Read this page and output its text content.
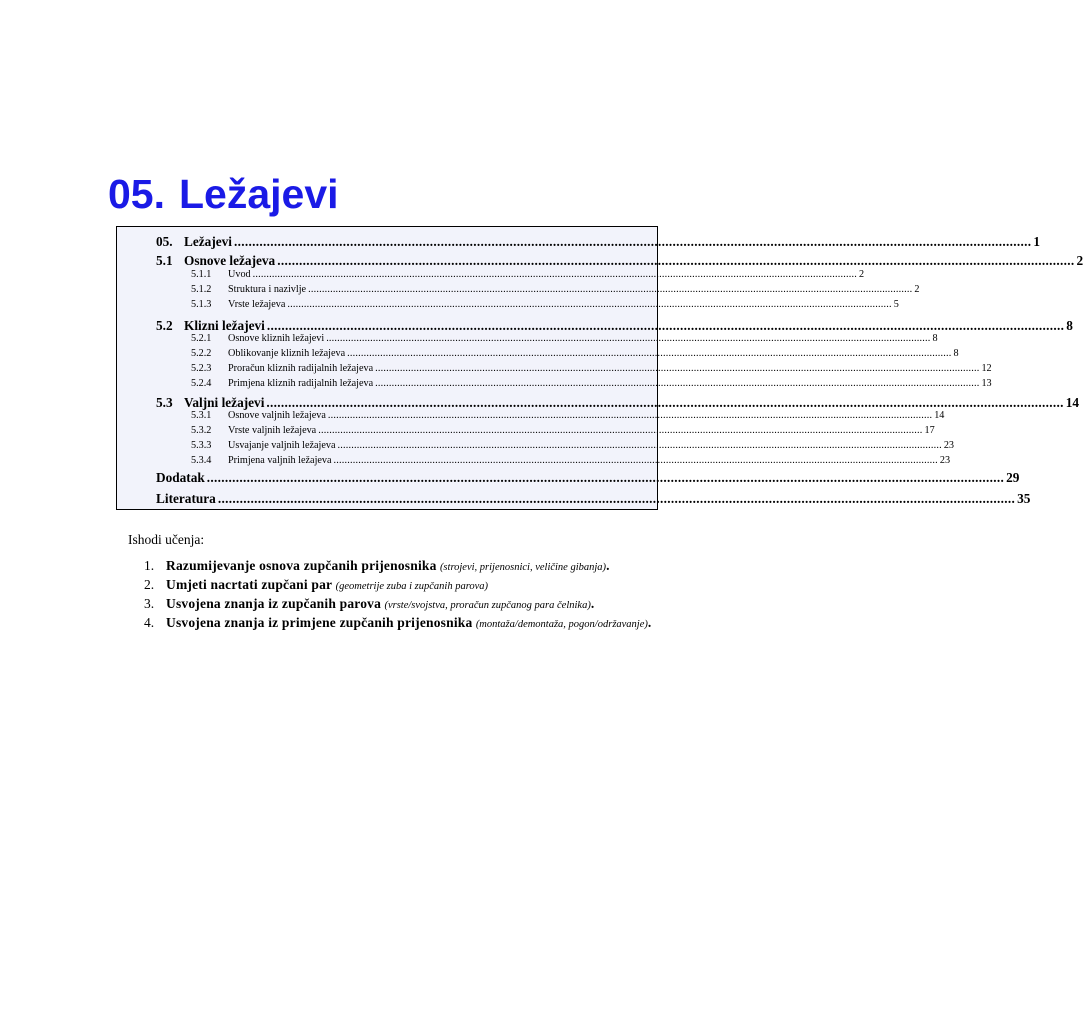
05. Ležajevi
05. Ležajevi ............................................................................................................................................................................................................................ 1
5.1 Osnove ležajeva ............................................................................................................................................................................................................................ 2
5.1.1	Uvod ............................................................................................................................................................................................................................ 2
5.1.2	Struktura i nazivlje ............................................................................................................................................................................................................................ 2
5.1.3	Vrste ležajeva ............................................................................................................................................................................................................................ 5
5.2 Klizni ležajevi ............................................................................................................................................................................................................................ 8
5.2.1	Osnove kliznih ležajevi ............................................................................................................................................................................................................................ 8
5.2.2	Oblikovanje kliznih ležajeva ............................................................................................................................................................................................................................ 8
5.2.3	Proračun kliznih radijalnih ležajeva ............................................................................................................................................................................................................................ 12
5.2.4	Primjena kliznih radijalnih ležajeva ............................................................................................................................................................................................................................ 13
5.3 Valjni ležajevi ............................................................................................................................................................................................................................ 14
5.3.1	Osnove valjnih ležajeva ............................................................................................................................................................................................................................ 14
5.3.2	Vrste valjnih ležajeva ............................................................................................................................................................................................................................ 17
5.3.3	Usvajanje valjnih ležajeva ............................................................................................................................................................................................................................ 23
5.3.4	Primjena valjnih ležajeva ............................................................................................................................................................................................................................ 23
Dodatak ............................................................................................................................................................................................................................ 29
Literatura ............................................................................................................................................................................................................................ 35
Ishodi učenja:
1. Razumijevanje osnova zupčanih prijenosnika (strojevi, prijenosnici, veličine gibanja).
2. Umjeti nacrtati zupčani par (geometrije zuba i zupčanih parova)
3. Usvojena znanja iz zupčanih parova (vrste/svojstva, proračun zupčanog para čelnika).
4. Usvojena znanja iz primjene zupčanih prijenosnika (montaža/demontaža, pogon/održavanje).
